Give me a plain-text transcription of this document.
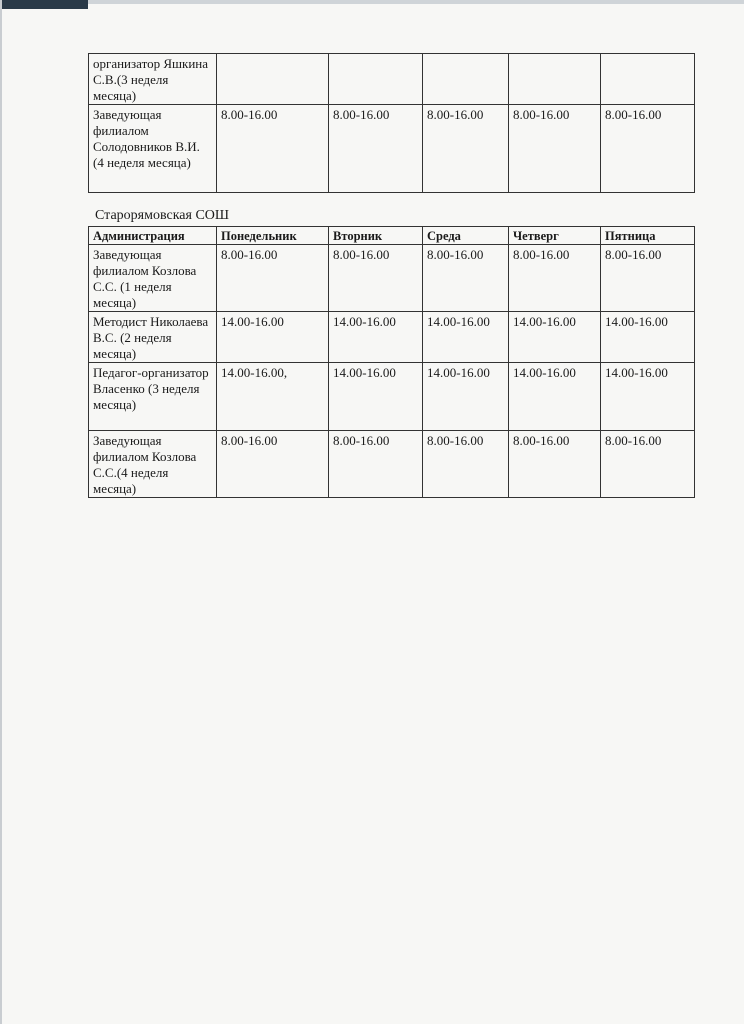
организатор Яшкина С.В.(3 неделя месяца)					
Заведующая филиалом Солодовников В.И. (4 неделя месяца)	8.00-16.00	8.00-16.00	8.00-16.00	8.00-16.00	8.00-16.00
Старорямовская СОШ
Администрация	Понедельник	Вторник	Среда	Четверг	Пятница
Заведующая филиалом Козлова С.С. (1 неделя месяца)	8.00-16.00	8.00-16.00	8.00-16.00	8.00-16.00	8.00-16.00
Методист Николаева В.С. (2 неделя месяца)	14.00-16.00	14.00-16.00	14.00-16.00	14.00-16.00	14.00-16.00
Педагог-организатор Власенко (3 неделя месяца)	14.00-16.00,	14.00-16.00	14.00-16.00	14.00-16.00	14.00-16.00
Заведующая филиалом Козлова С.С.(4 неделя месяца)	8.00-16.00	8.00-16.00	8.00-16.00	8.00-16.00	8.00-16.00
